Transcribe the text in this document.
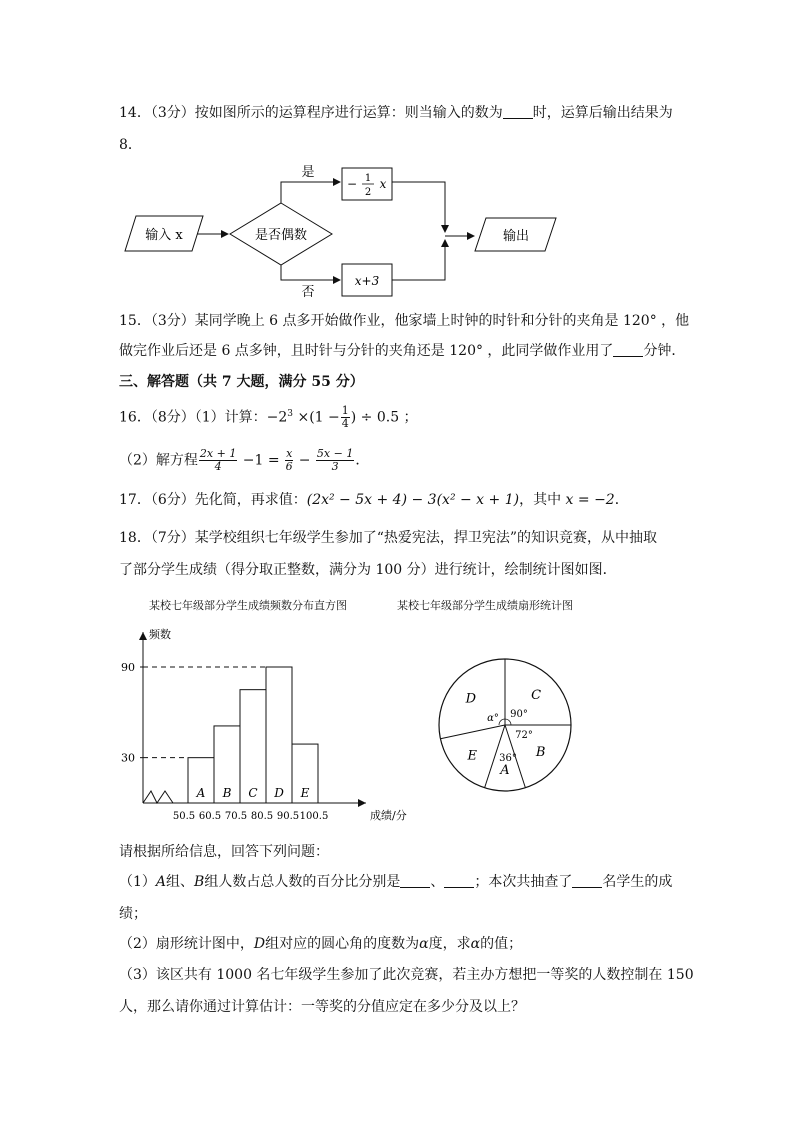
14．（3分）按如图所示的运算程序进行运算：则当输入的数为 时，运算后输出结果为
8．
输入 x	是否偶数
是
− 1
2
x
否
x+3
输出
15．（3分）某同学晚上 6 点多开始做作业，他家墙上时钟的时针和分针的夹角是 120° ，他
做完作业后还是 6 点多钟，且时针与分针的夹角还是 120° ，此同学做作业用了 分钟．
三、解答题（共 7 大题，满分 55 分）
16．（8分）（1）计算：$-2^3 \times(1 - \frac{1}{4}$ ) ÷ 0.5 ；
（2）解方程 $\frac{2x + 1}{4} -1 = \frac{x}{6} - \frac{5x - 1}{3}$ ．
17．（6分）先化简，再求值：(2x² − 5x + 4) − 3(x² − x + 1)，其中 x = −2．
18．（7分）某学校组织七年级学生参加了“热爱宪法，捍卫宪法”的知识竞赛，从中抽取
了部分学生成绩（得分取正整数，满分为 100 分）进行统计，绘制统计图如图．
某校七年级部分学生成绩频数分布直方图	某校七年级部分学生成绩扇形统计图
频数
成绩/分
30
90
A B C D E
50.5 60.5 70.5 80.5 90.5 100.5
A
B
C
D
E
90°
α°
72°
36°
请根据所给信息，回答下列问题：
（1）A组、B组人数占总人数的百分比分别是 、 ；本次共抽查了 名学生的成
绩；
（2）扇形统计图中，D组对应的圆心角的度数为α度，求α的值；
（3）该区共有 1000 名七年级学生参加了此次竞赛，若主办方想把一等奖的人数控制在 150
人，那么请你通过计算估计：一等奖的分值应定在多少分及以上？
